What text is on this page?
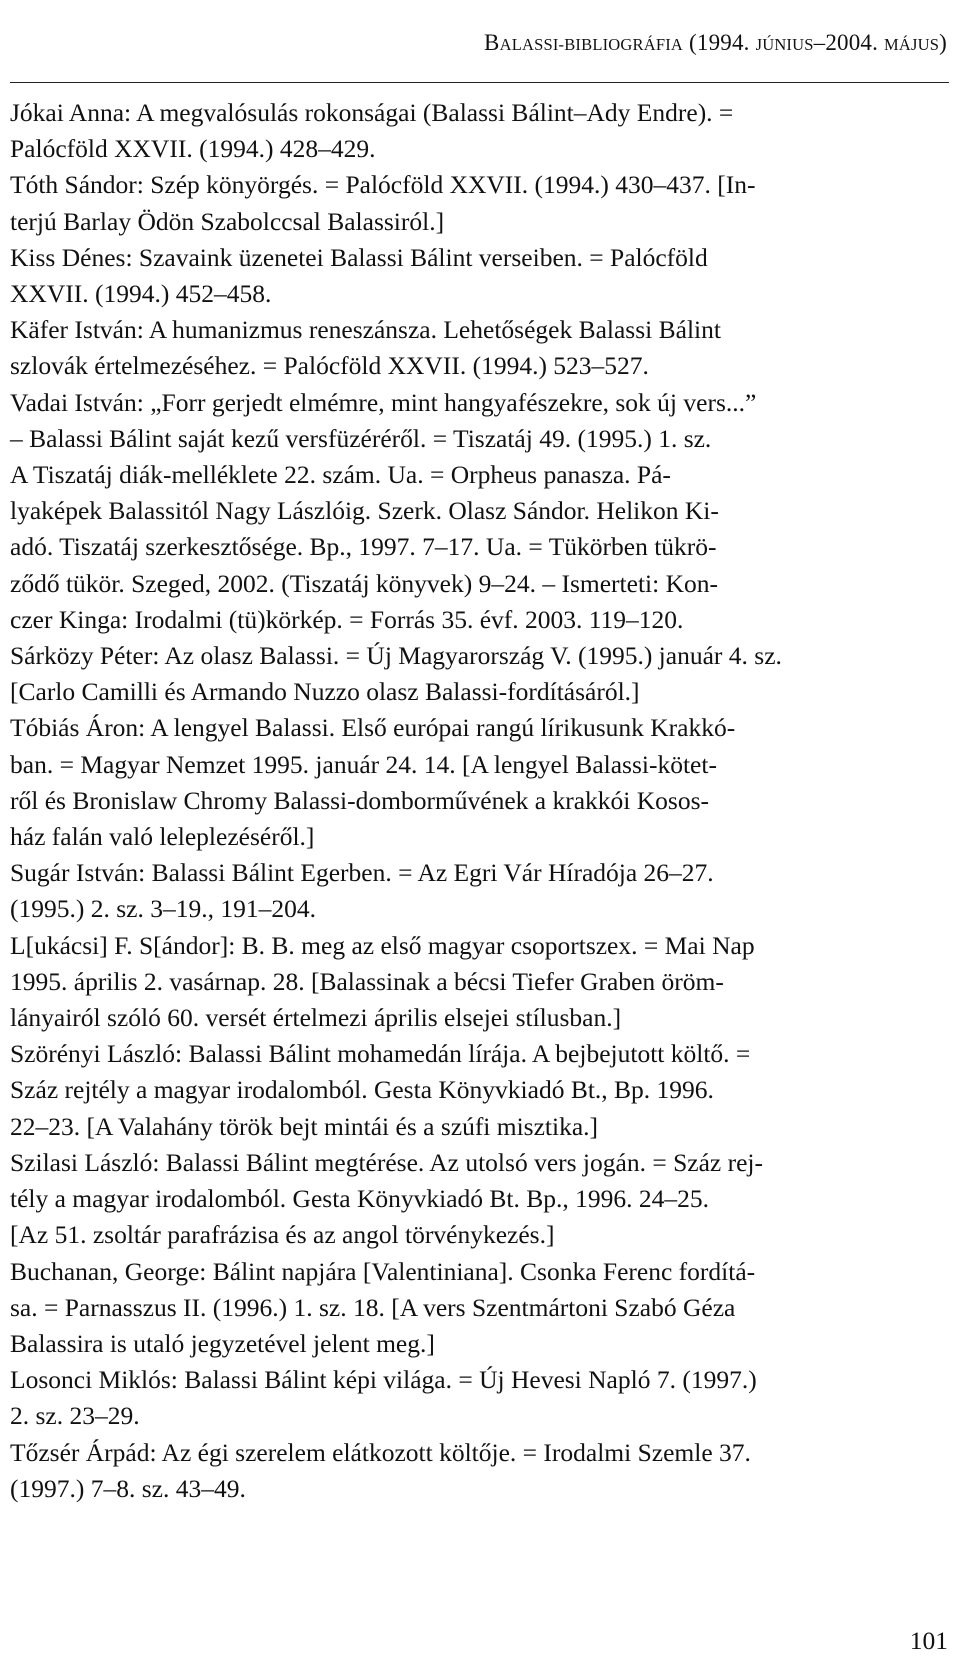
BALASSI-BIBLIOGRÁFIA (1994. JÚNIUS–2004. MÁJUS)

Jókai Anna: A megvalósulás rokonságai (Balassi Bálint–Ady Endre). =
Palócföld XXVII. (1994.) 428–429.

Tóth Sándor: Szép könyörgés. = Palócföld XXVII. (1994.) 430–437. [In-
terjú Barlay Ödön Szabolccsal Balassiról.]

Kiss Dénes: Szavaink üzenetei Balassi Bálint verseiben. = Palócföld
XXVII. (1994.) 452–458.

Käfer István: A humanizmus reneszánsza. Lehetőségek Balassi Bálint
szlovák értelmezéséhez. = Palócföld XXVII. (1994.) 523–527.

Vadai István: „Forr gerjedt elmémre, mint hangyafészekre, sok új vers...”
– Balassi Bálint saját kezű versfüzéréről. = Tiszatáj 49. (1995.) 1. sz.
A Tiszatáj diák-melléklete 22. szám. Ua. = Orpheus panasza. Pá-
lyaképek Balassitól Nagy Lászlóig. Szerk. Olasz Sándor. Helikon Ki-
adó. Tiszatáj szerkesztősége. Bp., 1997. 7–17. Ua. = Tükörben tükrö-
ződő tükör. Szeged, 2002. (Tiszatáj könyvek) 9–24. – Ismerteti: Kon-
czer Kinga: Irodalmi (tü)körkép. = Forrás 35. évf. 2003. 119–120.

Sárközy Péter: Az olasz Balassi. = Új Magyarország V. (1995.) január 4. sz.
[Carlo Camilli és Armando Nuzzo olasz Balassi-fordításáról.]

Tóbiás Áron: A lengyel Balassi. Első európai rangú lírikusunk Krakkó-
ban. = Magyar Nemzet 1995. január 24. 14. [A lengyel Balassi-kötet-
ről és Bronislaw Chromy Balassi-domborművének a krakkói Kosos-
ház falán való leleplezéséről.]

Sugár István: Balassi Bálint Egerben. = Az Egri Vár Híradója 26–27.
(1995.) 2. sz. 3–19., 191–204.

L[ukácsi] F. S[ándor]: B. B. meg az első magyar csoportszex. = Mai Nap
1995. április 2. vasárnap. 28. [Balassinak a bécsi Tiefer Graben öröm-
lányairól szóló 60. versét értelmezi április elsejei stílusban.]

Szörényi László: Balassi Bálint mohamedán lírája. A bejbejutott költő. =
Száz rejtély a magyar irodalomból. Gesta Könyvkiadó Bt., Bp. 1996.
22–23. [A Valahány török bejt mintái és a szúfi misztika.]

Szilasi László: Balassi Bálint megtérése. Az utolsó vers jogán. = Száz rej-
tély a magyar irodalomból. Gesta Könyvkiadó Bt. Bp., 1996. 24–25.
[Az 51. zsoltár parafrázisa és az angol törvénykezés.]

Buchanan, George: Bálint napjára [Valentiniana]. Csonka Ferenc fordítá-
sa. = Parnasszus II. (1996.) 1. sz. 18. [A vers Szentmártoni Szabó Géza
Balassira is utaló jegyzetével jelent meg.]

Losonci Miklós: Balassi Bálint képi világa. = Új Hevesi Napló 7. (1997.)
2. sz. 23–29.

Tőzsér Árpád: Az égi szerelem elátkozott költője. = Irodalmi Szemle 37.
(1997.) 7–8. sz. 43–49.

101
